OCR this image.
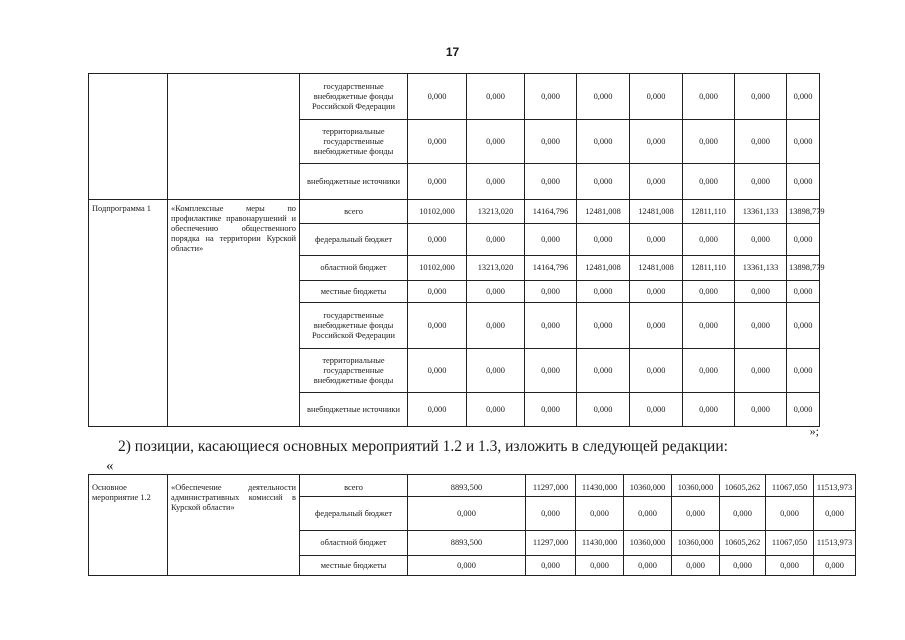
17
		государственные внебюджетные фонды Российской Федерации	0,000	0,000	0,000	0,000	0,000	0,000	0,000	0,000
		территориальные государственные внебюджетные фонды	0,000	0,000	0,000	0,000	0,000	0,000	0,000	0,000
		внебюджетные источники	0,000	0,000	0,000	0,000	0,000	0,000	0,000	0,000
Подпрограмма 1	«Комплексные меры по профилактике правонарушений и обеспечению общественного порядка на территории Курской области»	всего	10102,000	13213,020	14164,796	12481,008	12481,008	12811,110	13361,133	13898,779
		федеральный бюджет	0,000	0,000	0,000	0,000	0,000	0,000	0,000	0,000
		областной бюджет	10102,000	13213,020	14164,796	12481,008	12481,008	12811,110	13361,133	13898,779
		местные бюджеты	0,000	0,000	0,000	0,000	0,000	0,000	0,000	0,000
		государственные внебюджетные фонды Российской Федерации	0,000	0,000	0,000	0,000	0,000	0,000	0,000	0,000
		территориальные государственные внебюджетные фонды	0,000	0,000	0,000	0,000	0,000	0,000	0,000	0,000
		внебюджетные источники	0,000	0,000	0,000	0,000	0,000	0,000	0,000	0,000
»;
2) позиции, касающиеся основных мероприятий 1.2 и 1.3, изложить в следующей редакции:
«
Основное мероприятие 1.2	«Обеспечение деятельности административных комиссий в Курской области»	всего	8893,500	11297,000	11430,000	10360,000	10360,000	10605,262	11067,050	11513,973
		федеральный бюджет	0,000	0,000	0,000	0,000	0,000	0,000	0,000	0,000
		областной бюджет	8893,500	11297,000	11430,000	10360,000	10360,000	10605,262	11067,050	11513,973
		местные бюджеты	0,000	0,000	0,000	0,000	0,000	0,000	0,000	0,000
